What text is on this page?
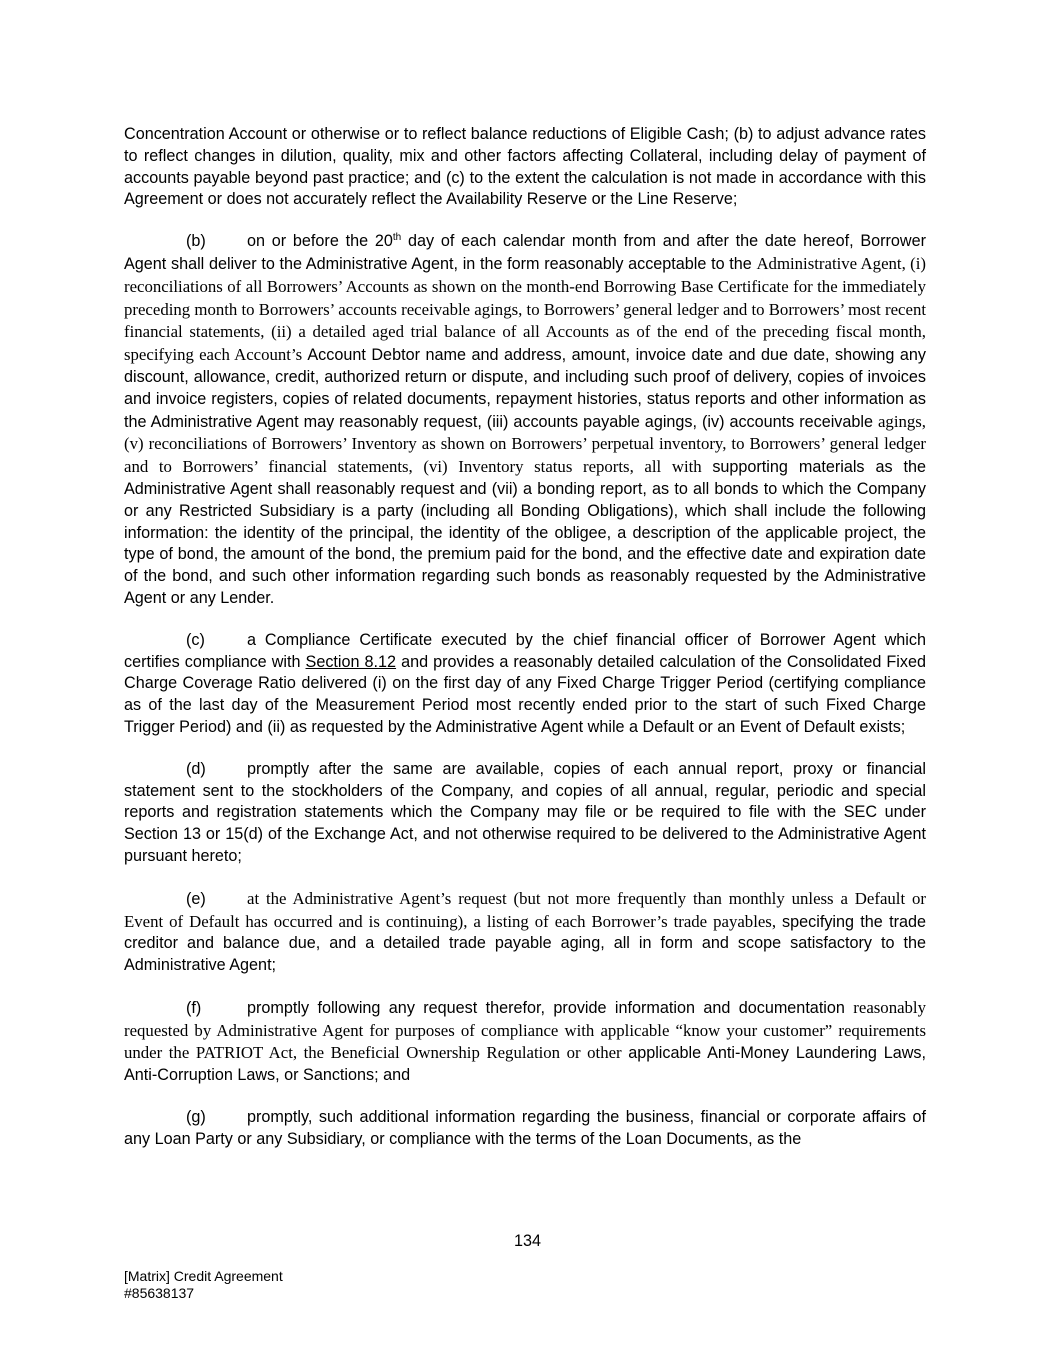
Concentration Account or otherwise or to reflect balance reductions of Eligible Cash; (b) to adjust advance rates to reflect changes in dilution, quality, mix and other factors affecting Collateral, including delay of payment of accounts payable beyond past practice; and (c) to the extent the calculation is not made in accordance with this Agreement or does not accurately reflect the Availability Reserve or the Line Reserve;

(b)	on or before the 20th day of each calendar month from and after the date hereof, Borrower Agent shall deliver to the Administrative Agent, in the form reasonably acceptable to the Administrative Agent, (i) reconciliations of all Borrowers’ Accounts as shown on the month-end Borrowing Base Certificate for the immediately preceding month to Borrowers’ accounts receivable agings, to Borrowers’ general ledger and to Borrowers’ most recent financial statements, (ii) a detailed aged trial balance of all Accounts as of the end of the preceding fiscal month, specifying each Account’s Account Debtor name and address, amount, invoice date and due date, showing any discount, allowance, credit, authorized return or dispute, and including such proof of delivery, copies of invoices and invoice registers, copies of related documents, repayment histories, status reports and other information as the Administrative Agent may reasonably request, (iii) accounts payable agings, (iv) accounts receivable agings, (v) reconciliations of Borrowers’ Inventory as shown on Borrowers’ perpetual inventory, to Borrowers’ general ledger and to Borrowers’ financial statements, (vi) Inventory status reports, all with supporting materials as the Administrative Agent shall reasonably request and (vii) a bonding report, as to all bonds to which the Company or any Restricted Subsidiary is a party (including all Bonding Obligations), which shall include the following information: the identity of the principal, the identity of the obligee, a description of the applicable project, the type of bond, the amount of the bond, the premium paid for the bond, and the effective date and expiration date of the bond, and such other information regarding such bonds as reasonably requested by the Administrative Agent or any Lender.

(c)	a Compliance Certificate executed by the chief financial officer of Borrower Agent which certifies compliance with Section 8.12 and provides a reasonably detailed calculation of the Consolidated Fixed Charge Coverage Ratio delivered (i) on the first day of any Fixed Charge Trigger Period (certifying compliance as of the last day of the Measurement Period most recently ended prior to the start of such Fixed Charge Trigger Period) and (ii) as requested by the Administrative Agent while a Default or an Event of Default exists;

(d)	promptly after the same are available, copies of each annual report, proxy or financial statement sent to the stockholders of the Company, and copies of all annual, regular, periodic and special reports and registration statements which the Company may file or be required to file with the SEC under Section 13 or 15(d) of the Exchange Act, and not otherwise required to be delivered to the Administrative Agent pursuant hereto;

(e) at the Administrative Agent’s request (but not more frequently than monthly unless a Default or Event of Default has occurred and is continuing), a listing of each Borrower’s trade payables, specifying the trade creditor and balance due, and a detailed trade payable aging, all in form and scope satisfactory to the Administrative Agent;

(f)	promptly following any request therefor, provide information and documentation reasonably requested by Administrative Agent for purposes of compliance with applicable “know your customer” requirements under the PATRIOT Act, the Beneficial Ownership Regulation or other applicable Anti-Money Laundering Laws, Anti-Corruption Laws, or Sanctions; and

(g)	promptly, such additional information regarding the business, financial or corporate affairs of any Loan Party or any Subsidiary, or compliance with the terms of the Loan Documents, as the

134
[Matrix] Credit Agreement
#85638137
